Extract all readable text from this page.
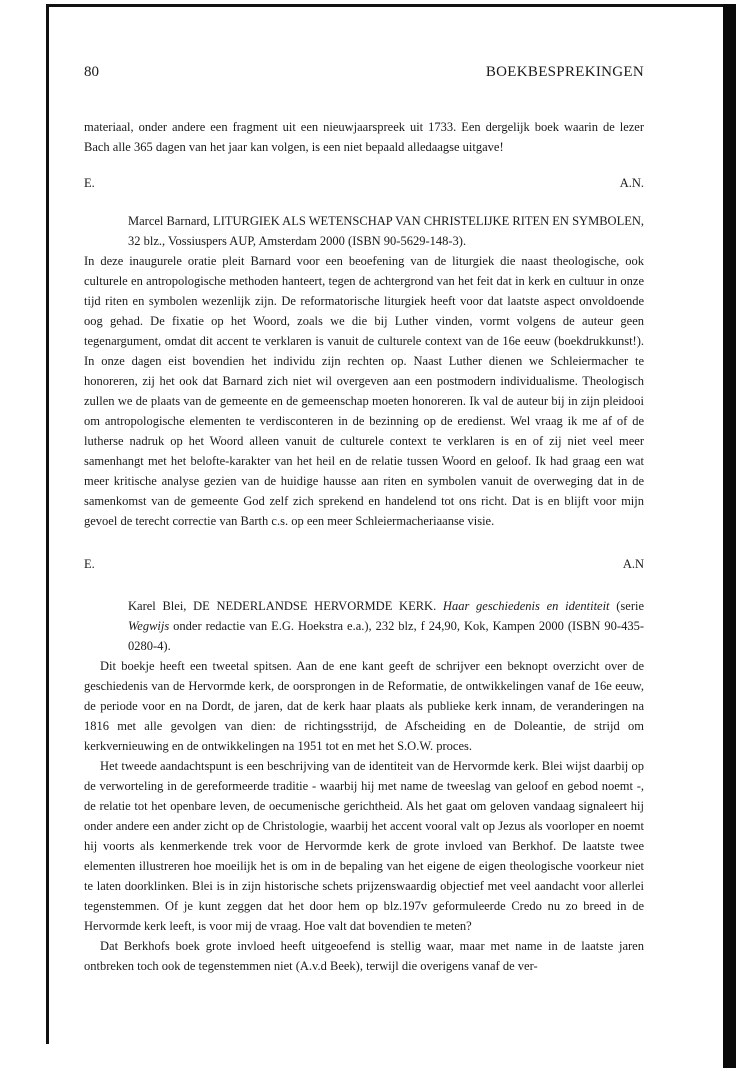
80	BOEKBESPREKINGEN

materiaal, onder andere een fragment uit een nieuwjaarspreek uit 1733. Een dergelijk boek waarin de lezer Bach alle 365 dagen van het jaar kan volgen, is een niet bepaald alledaagse uitgave!

E.	A.N.

Marcel Barnard, LITURGIEK ALS WETENSCHAP VAN CHRISTELIJKE RITEN EN SYMBOLEN, 32 blz., Vossiuspers AUP, Amsterdam 2000 (ISBN 90-5629-148-3).

In deze inaugurele oratie pleit Barnard voor een beoefening van de liturgiek die naast theologische, ook culturele en antropologische methoden hanteert, tegen de achtergrond van het feit dat in kerk en cultuur in onze tijd riten en symbolen wezenlijk zijn. De reformatorische liturgiek heeft voor dat laatste aspect onvoldoende oog gehad. De fixatie op het Woord, zoals we die bij Luther vinden, vormt volgens de auteur geen tegenargument, omdat dit accent te verklaren is vanuit de culturele context van de 16e eeuw (boekdrukkunst!). In onze dagen eist bovendien het individu zijn rechten op. Naast Luther dienen we Schleiermacher te honoreren, zij het ook dat Barnard zich niet wil overgeven aan een postmodern individualisme. Theologisch zullen we de plaats van de gemeente en de gemeenschap moeten honoreren. Ik val de auteur bij in zijn pleidooi om antropologische elementen te verdisconteren in de bezinning op de eredienst. Wel vraag ik me af of de lutherse nadruk op het Woord alleen vanuit de culturele context te verklaren is en of zij niet veel meer samenhangt met het belofte-karakter van het heil en de relatie tussen Woord en geloof. Ik had graag een wat meer kritische analyse gezien van de huidige hausse aan riten en symbolen vanuit de overweging dat in de samenkomst van de gemeente God zelf zich sprekend en handelend tot ons richt. Dat is en blijft voor mijn gevoel de terecht correctie van Barth c.s. op een meer Schleiermacheriaanse visie.

E.	A.N

Karel Blei, DE NEDERLANDSE HERVORMDE KERK. Haar geschiedenis en identiteit (serie Wegwijs onder redactie van E.G. Hoekstra e.a.), 232 blz, f 24,90, Kok, Kampen 2000 (ISBN 90-435-0280-4).

Dit boekje heeft een tweetal spitsen. Aan de ene kant geeft de schrijver een beknopt overzicht over de geschiedenis van de Hervormde kerk, de oorsprongen in de Reformatie, de ontwikkelingen vanaf de 16e eeuw, de periode voor en na Dordt, de jaren, dat de kerk haar plaats als publieke kerk innam, de veranderingen na 1816 met alle gevolgen van dien: de richtingsstrijd, de Afscheiding en de Doleantie, de strijd om kerkvernieuwing en de ontwikkelingen na 1951 tot en met het S.O.W. proces.

Het tweede aandachtspunt is een beschrijving van de identiteit van de Hervormde kerk. Blei wijst daarbij op de verworteling in de gereformeerde traditie - waarbij hij met name de tweeslag van geloof en gebod noemt -, de relatie tot het openbare leven, de oecumenische gerichtheid. Als het gaat om geloven vandaag signaleert hij onder andere een ander zicht op de Christologie, waarbij het accent vooral valt op Jezus als voorloper en noemt hij voorts als kenmerkende trek voor de Hervormde kerk de grote invloed van Berkhof. De laatste twee elementen illustreren hoe moeilijk het is om in de bepaling van het eigene de eigen theologische voorkeur niet te laten doorklinken. Blei is in zijn historische schets prijzenswaardig objectief met veel aandacht voor allerlei tegenstemmen. Of je kunt zeggen dat het door hem op blz.197v geformuleerde Credo nu zo breed in de Hervormde kerk leeft, is voor mij de vraag. Hoe valt dat bovendien te meten?

Dat Berkhofs boek grote invloed heeft uitgeoefend is stellig waar, maar met name in de laatste jaren ontbreken toch ook de tegenstemmen niet (A.v.d Beek), terwijl die overigens vanaf de ver-
